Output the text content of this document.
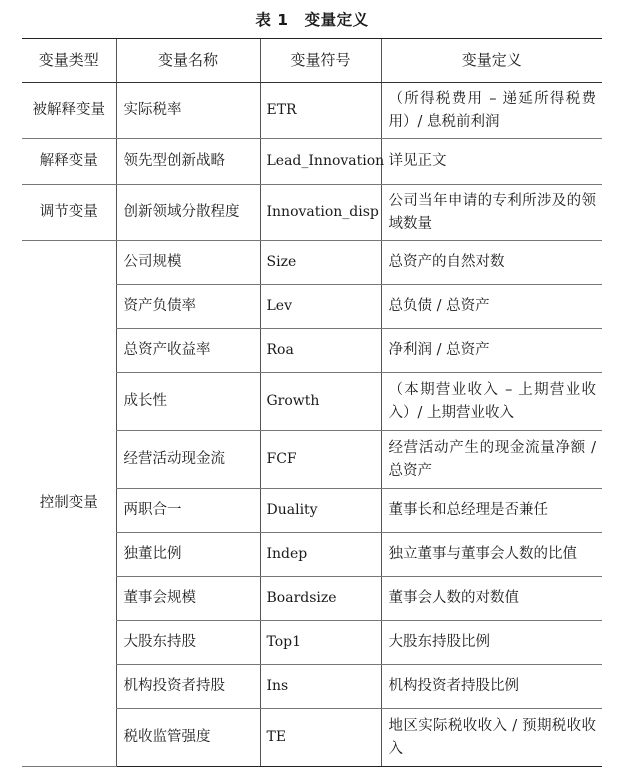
表 1　变量定义
变量类型	变量名称	变量符号	变量定义
被解释变量	实际税率	ETR	（所得税费用 – 递延所得税费用）/ 息税前利润
解释变量	领先型创新战略	Lead_Innovation	详见正文
调节变量	创新领域分散程度	Innovation_disp	公司当年申请的专利所涉及的领域数量
控制变量	公司规模	Size	总资产的自然对数
	资产负债率	Lev	总负债 / 总资产
	总资产收益率	Roa	净利润 / 总资产
	成长性	Growth	（本期营业收入 – 上期营业收入）/ 上期营业收入
	经营活动现金流	FCF	经营活动产生的现金流量净额 / 总资产
	两职合一	Duality	董事长和总经理是否兼任
	独董比例	Indep	独立董事与董事会人数的比值
	董事会规模	Boardsize	董事会人数的对数值
	大股东持股	Top1	大股东持股比例
	机构投资者持股	Ins	机构投资者持股比例
	税收监管强度	TE	地区实际税收收入 / 预期税收收入
